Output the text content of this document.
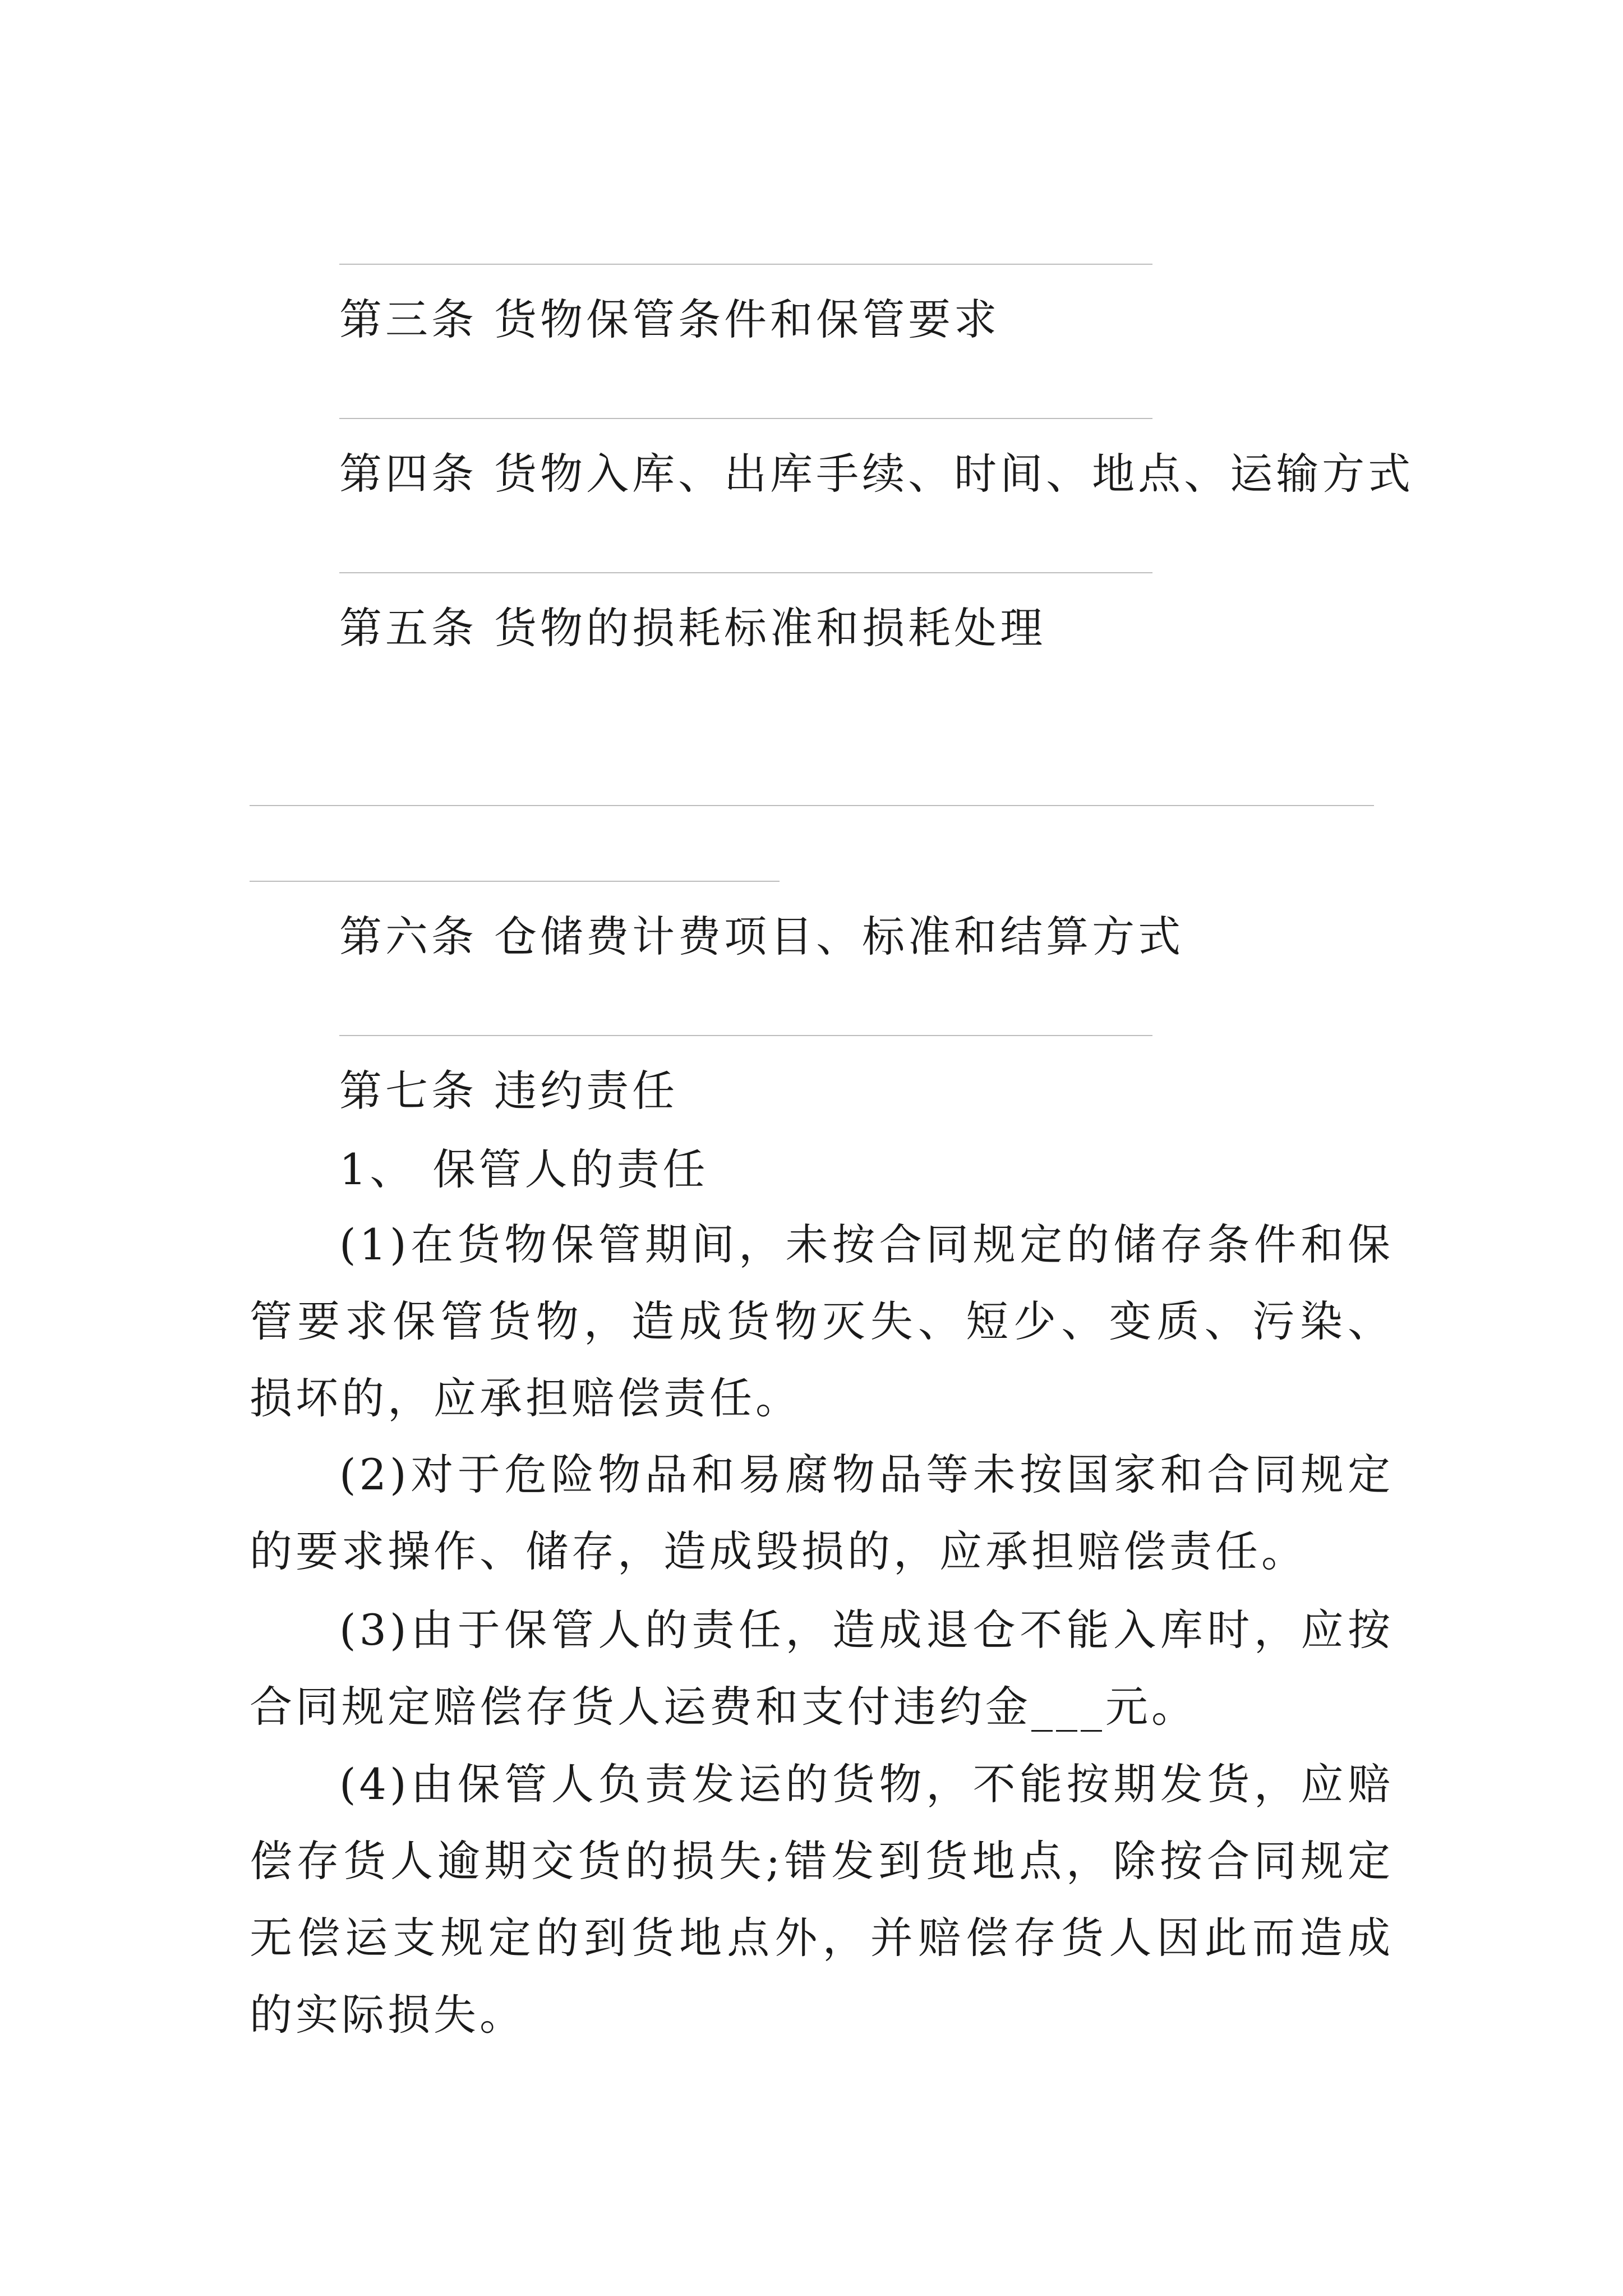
第三条 货物保管条件和保管要求
第四条 货物入库、出库手续、时间、地点、运输方式
第五条 货物的损耗标准和损耗处理
第六条 仓储费计费项目、标准和结算方式
第七条 违约责任
1、 保管人的责任
(1)在货物保管期间，未按合同规定的储存条件和保管要求保管货物，造成货物灭失、短少、变质、污染、损坏的，应承担赔偿责任。
(2)对于危险物品和易腐物品等未按国家和合同规定的要求操作、储存，造成毁损的，应承担赔偿责任。
(3)由于保管人的责任，造成退仓不能入库时，应按合同规定赔偿存货人运费和支付违约金___元。
(4)由保管人负责发运的货物，不能按期发货，应赔偿存货人逾期交货的损失;错发到货地点，除按合同规定无偿运支规定的到货地点外，并赔偿存货人因此而造成的实际损失。
